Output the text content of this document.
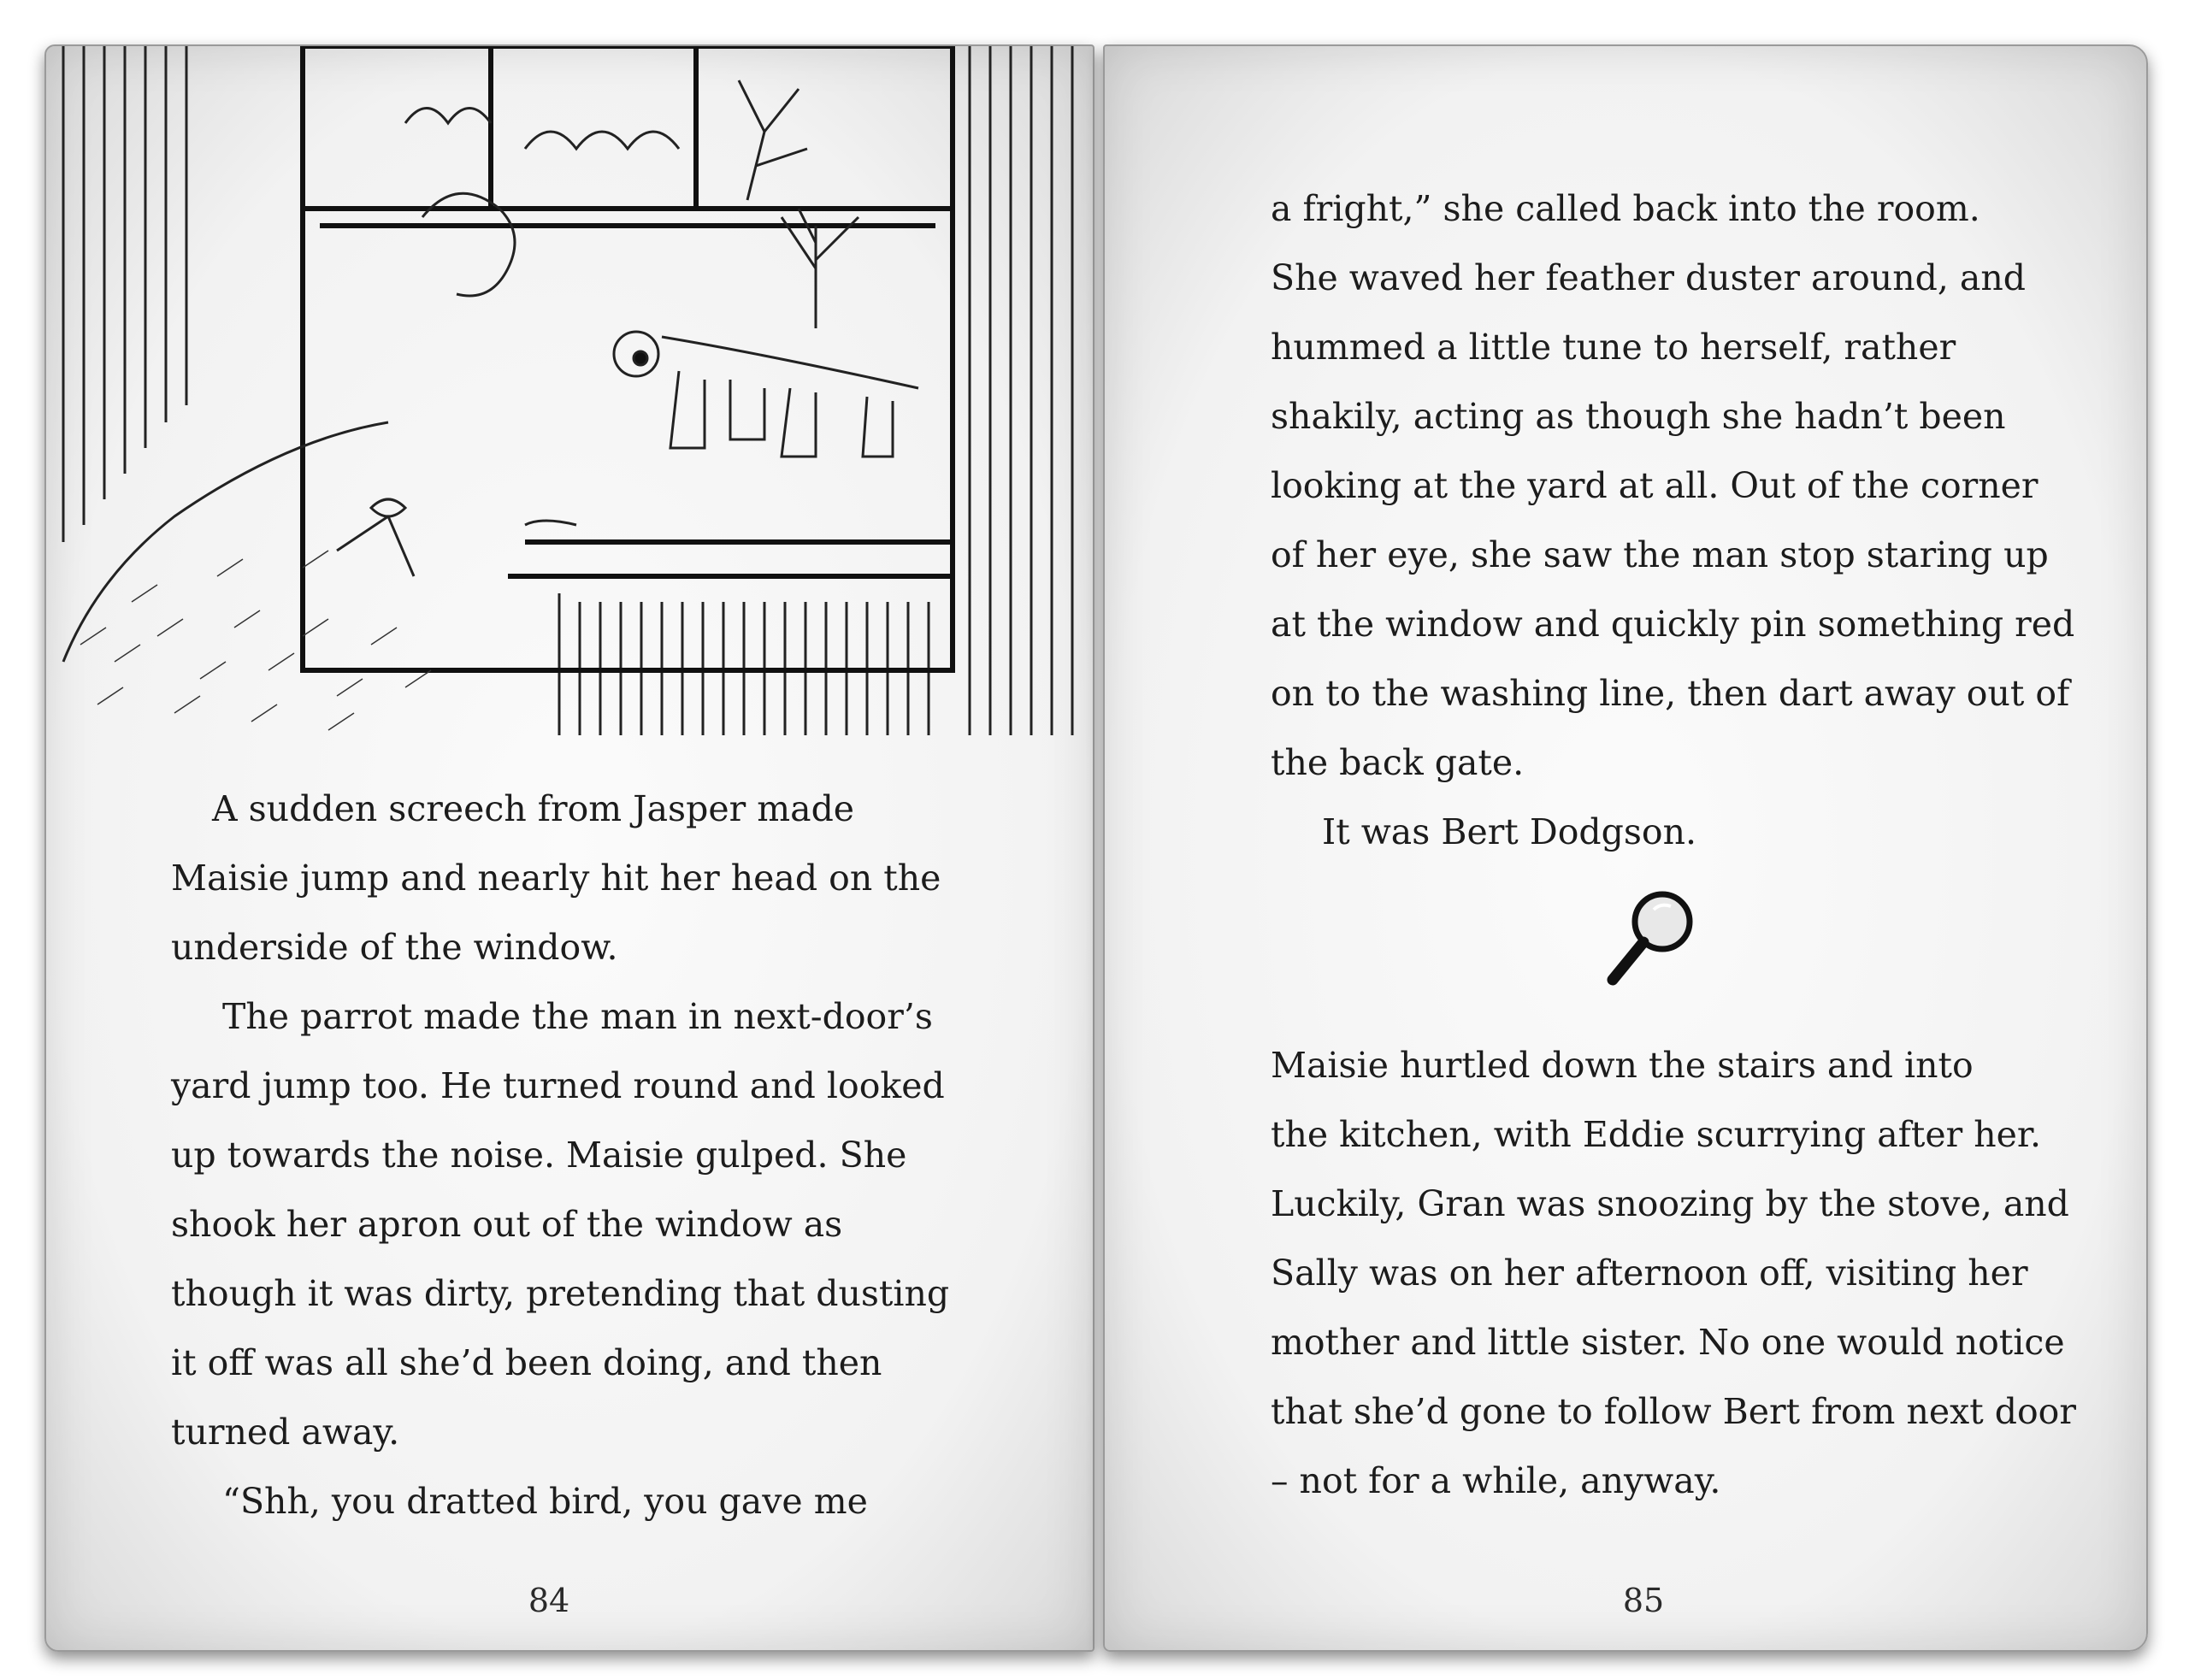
A sudden screech from Jasper made

Maisie jump and nearly hit her head on the

underside of the window.

The parrot made the man in next-door’s

yard jump too. He turned round and looked

up towards the noise. Maisie gulped. She

shook her apron out of the window as

though it was dirty, pretending that dusting

it off was all she’d been doing, and then

turned away.

“Shh, you dratted bird, you gave me

84

a fright,” she called back into the room.

She waved her feather duster around, and

hummed a little tune to herself, rather

shakily, acting as though she hadn’t been

looking at the yard at all. Out of the corner

of her eye, she saw the man stop staring up

at the window and quickly pin something red

on to the washing line, then dart away out of

the back gate.

It was Bert Dodgson.

Maisie hurtled down the stairs and into

the kitchen, with Eddie scurrying after her.

Luckily, Gran was snoozing by the stove, and

Sally was on her afternoon off, visiting her

mother and little sister. No one would notice

that she’d gone to follow Bert from next door

– not for a while, anyway.

85
